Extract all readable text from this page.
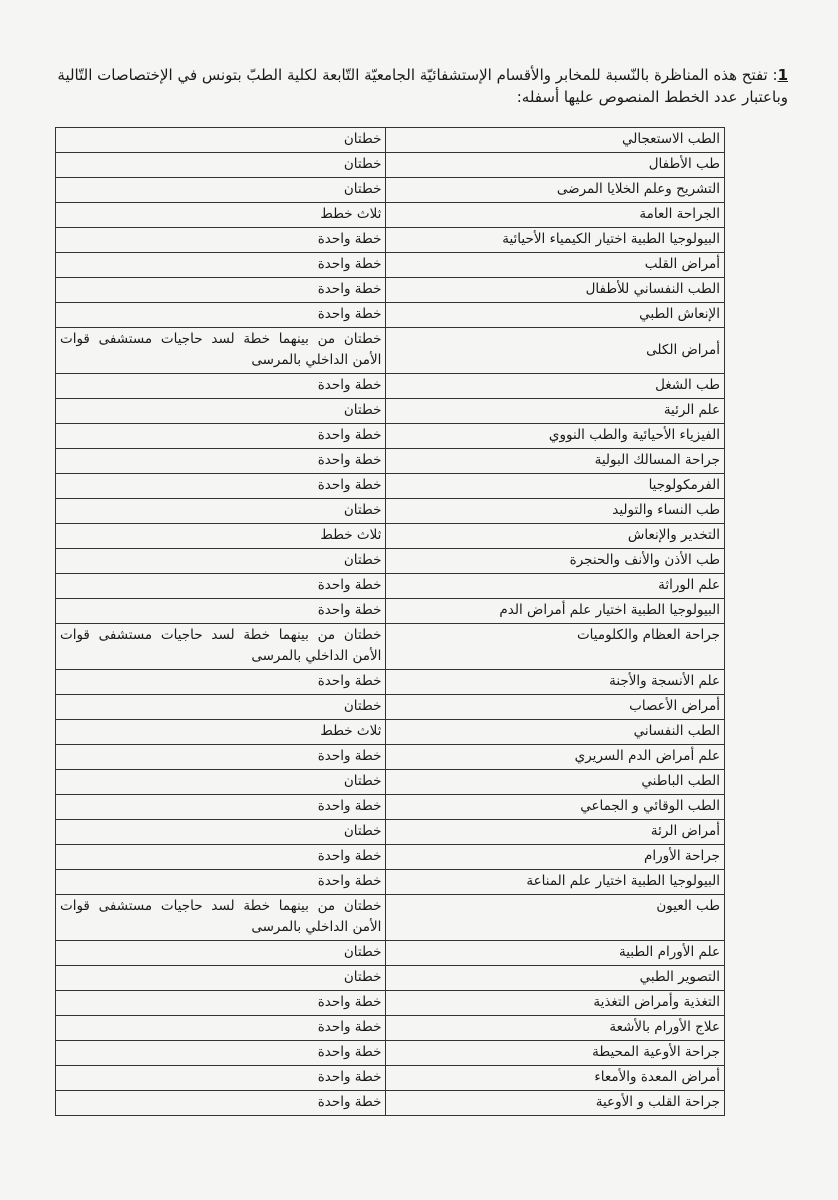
1: تفتح هذه المناظرة بالنّسبة للمخابر والأقسام الإستشفائيّة الجامعيّة التّابعة لكلية الطبّ بتونس في الإختصاصات التّالية وباعتبار عدد الخطط المنصوص عليها أسفله:
الطب الاستعجالي	خطتان
طب الأطفال	خطتان
التشريح وعلم الخلايا المرضى	خطتان
الجراحة العامة	ثلاث خطط
البيولوجيا الطبية اختيار الكيمياء الأحيائية	خطة واحدة
أمراض القلب	خطة واحدة
الطب النفساني للأطفال	خطة واحدة
الإنعاش الطبي	خطة واحدة
أمراض الكلى	خطتان من بينهما خطة لسد حاجيات مستشفى قوات الأمن الداخلي بالمرسى
طب الشغل	خطة واحدة
علم الرئية	خطتان
الفيزياء الأحيائية والطب النووي	خطة واحدة
جراحة المسالك البولية	خطة واحدة
الفرمكولوجيا	خطة واحدة
طب النساء والتوليد	خطتان
التخدير والإنعاش	ثلاث خطط
طب الأذن والأنف والحنجرة	خطتان
علم الوراثة	خطة واحدة
البيولوجيا الطبية اختيار علم أمراض الدم	خطة واحدة
جراحة العظام والكلوميات	خطتان من بينهما خطة لسد حاجيات مستشفى قوات الأمن الداخلي بالمرسى
علم الأنسجة والأجنة	خطة واحدة
أمراض الأعصاب	خطتان
الطب النفساني	ثلاث خطط
علم أمراض الدم السريري	خطة واحدة
الطب الباطني	خطتان
الطب الوقائي و الجماعي	خطة واحدة
أمراض الرئة	خطتان
جراحة الأورام	خطة واحدة
البيولوجيا الطبية اختيار علم المناعة	خطة واحدة
طب العيون	خطتان من بينهما خطة لسد حاجيات مستشفى قوات الأمن الداخلي بالمرسى
علم الأورام الطبية	خطتان
التصوير الطبي	خطتان
التغذية وأمراض التغذية	خطة واحدة
علاج الأورام بالأشعة	خطة واحدة
جراحة الأوعية المحيطة	خطة واحدة
أمراض المعدة والأمعاء	خطة واحدة
جراحة القلب و الأوعية	خطة واحدة
